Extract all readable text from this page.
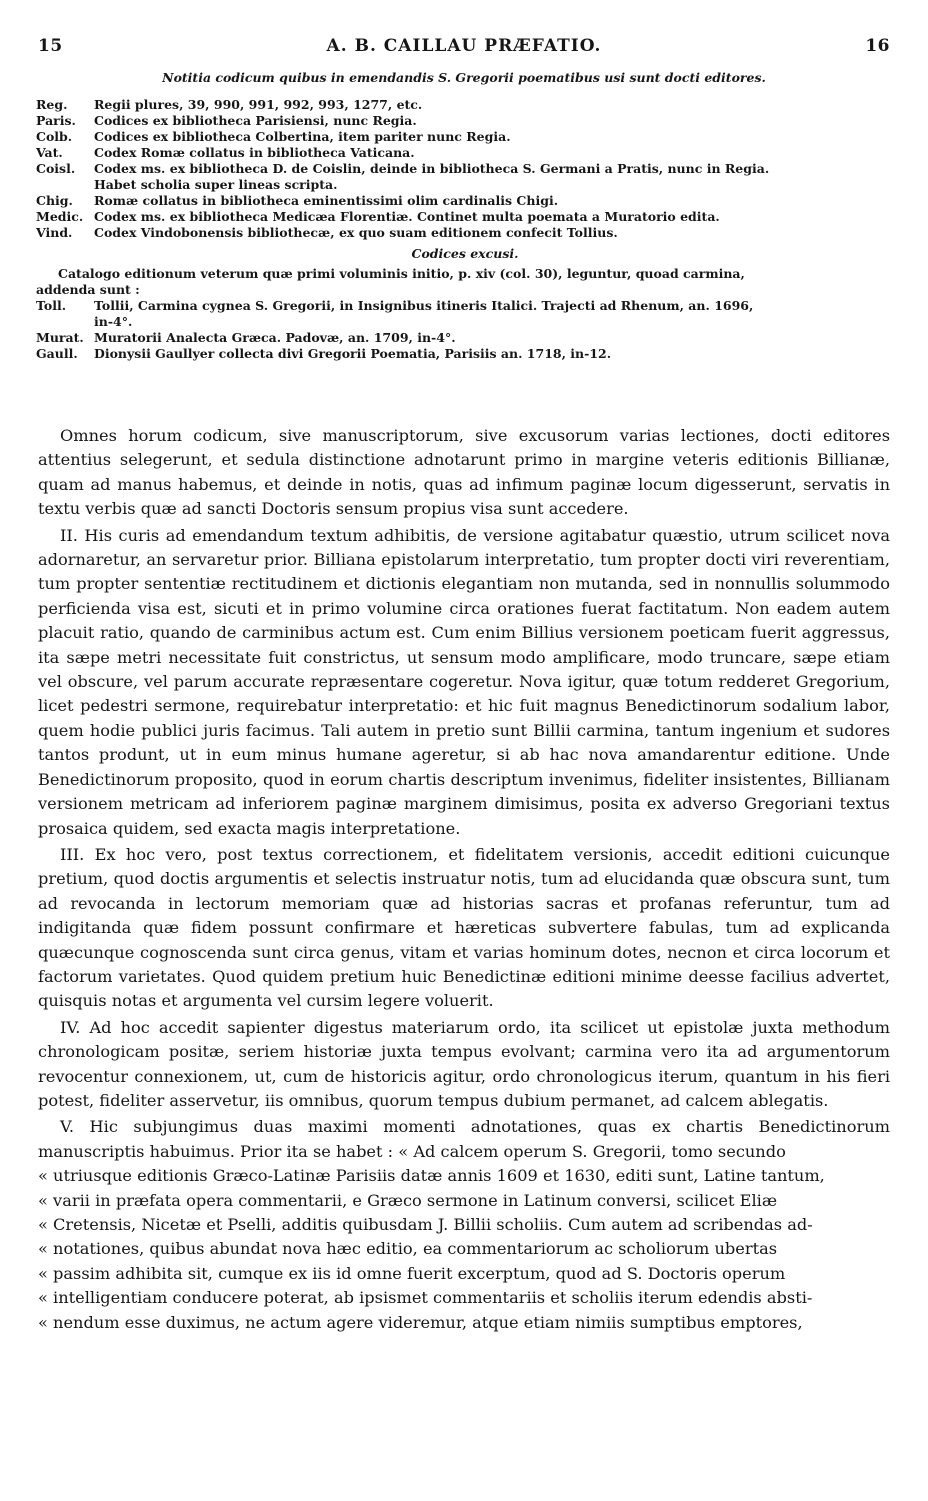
15	A. B. CAILLAU PRÆFATIO.	16
Notitia codicum quibus in emendandis S. Gregorii poematibus usi sunt docti editores.
Reg.	Regii plures, 39, 990, 991, 992, 993, 1277, etc.
Paris.	Codices ex bibliotheca Parisiensi, nunc Regia.
Colb.	Codices ex bibliotheca Colbertina, item pariter nunc Regia.
Vat.	Codex Romæ collatus in bibliotheca Vaticana.
Coisl.	Codex ms. ex bibliotheca D. de Coislin, deinde in bibliotheca S. Germani a Pratis, nunc in Regia.
Habet scholia super lineas scripta.
Chig.	Romæ collatus in bibliotheca eminentissimi olim cardinalis Chigi.
Medic. Codex ms. ex bibliotheca Medicæa Florentiæ. Continet multa poemata a Muratorio edita.
Vind.	Codex Vindobonensis bibliothecæ, ex quo suam editionem confecit Tollius.
Codices excusi.
Catalogo editionum veterum quæ primi voluminis initio, p. xiv (col. 30), leguntur, quoad carmina,
addenda sunt :
Toll.	Tollii, Carmina cygnea S. Gregorii, in Insignibus itineris Italici. Trajecti ad Rhenum, an. 1696,
in-4°.
Murat. Muratorii Analecta Græca. Padovæ, an. 1709, in-4°.
Gaull.	Dionysii Gaullyer collecta divi Gregorii Poematia, Parisiis an. 1718, in-12.

Omnes horum codicum, sive manuscriptorum, sive excusorum varias lectiones, docti editores attentius selegerunt, et sedula distinctione adnotarunt primo in margine veteris editionis Billianæ, quam ad manus habemus, et deinde in notis, quas ad infimum paginæ locum digesserunt, servatis in textu verbis quæ ad sancti Doctoris sensum propius visa sunt accedere.

II. His curis ad emendandum textum adhibitis, de versione agitabatur quæstio, utrum scilicet nova adornaretur, an servaretur prior. Billiana epistolarum interpretatio, tum propter docti viri reverentiam, tum propter sententiæ rectitudinem et dictionis elegantiam non mutanda, sed in nonnullis solummodo perficienda visa est, sicuti et in primo volumine circa orationes fuerat factitatum. Non eadem autem placuit ratio, quando de carminibus actum est. Cum enim Billius versionem poeticam fuerit aggressus, ita sæpe metri necessitate fuit constrictus, ut sensum modo amplificare, modo truncare, sæpe etiam vel obscure, vel parum accurate repræsentare cogeretur. Nova igitur, quæ totum redderet Gregorium, licet pedestri sermone, requirebatur interpretatio: et hic fuit magnus Benedictinorum sodalium labor, quem hodie publici juris facimus. Tali autem in pretio sunt Billii carmina, tantum ingenium et sudores tantos produnt, ut in eum minus humane ageretur, si ab hac nova amandarentur editione. Unde Benedictinorum proposito, quod in eorum chartis descriptum invenimus, fideliter insistentes, Billianam versionem metricam ad inferiorem paginæ marginem dimisimus, posita ex adverso Gregoriani textus prosaica quidem, sed exacta magis interpretatione.

III. Ex hoc vero, post textus correctionem, et fidelitatem versionis, accedit editioni cuicunque pretium, quod doctis argumentis et selectis instruatur notis, tum ad elucidanda quæ obscura sunt, tum ad revocanda in lectorum memoriam quæ ad historias sacras et profanas referuntur, tum ad indigitanda quæ fidem possunt confirmare et hæreticas subvertere fabulas, tum ad explicanda quæcunque cognoscenda sunt circa genus, vitam et varias hominum dotes, necnon et circa locorum et factorum varietates. Quod quidem pretium huic Benedictinæ editioni minime deesse facilius advertet, quisquis notas et argumenta vel cursim legere voluerit.

IV. Ad hoc accedit sapienter digestus materiarum ordo, ita scilicet ut epistolæ juxta methodum chronologicam positæ, seriem historiæ juxta tempus evolvant; carmina vero ita ad argumentorum revocentur connexionem, ut, cum de historicis agitur, ordo chronologicus iterum, quantum in his fieri potest, fideliter asservetur, iis omnibus, quorum tempus dubium permanet, ad calcem ablegatis.

V. Hic subjungimus duas maximi momenti adnotationes, quas ex chartis Benedictinorum manuscriptis habuimus. Prior ita se habet : « Ad calcem operum S. Gregorii, tomo secundo

« utriusque editionis Græco-Latinæ Parisiis datæ annis 1609 et 1630, editi sunt, Latine tantum,
« varii in præfata opera commentarii, e Græco sermone in Latinum conversi, scilicet Eliæ
« Cretensis, Nicetæ et Pselli, additis quibusdam J. Billii scholiis. Cum autem ad scribendas ad-
« notationes, quibus abundat nova hæc editio, ea commentariorum ac scholiorum ubertas
« passim adhibita sit, cumque ex iis id omne fuerit excerptum, quod ad S. Doctoris operum
« intelligentiam conducere poterat, ab ipsismet commentariis et scholiis iterum edendis absti-
« nendum esse duximus, ne actum agere videremur, atque etiam nimiis sumptibus emptores,
